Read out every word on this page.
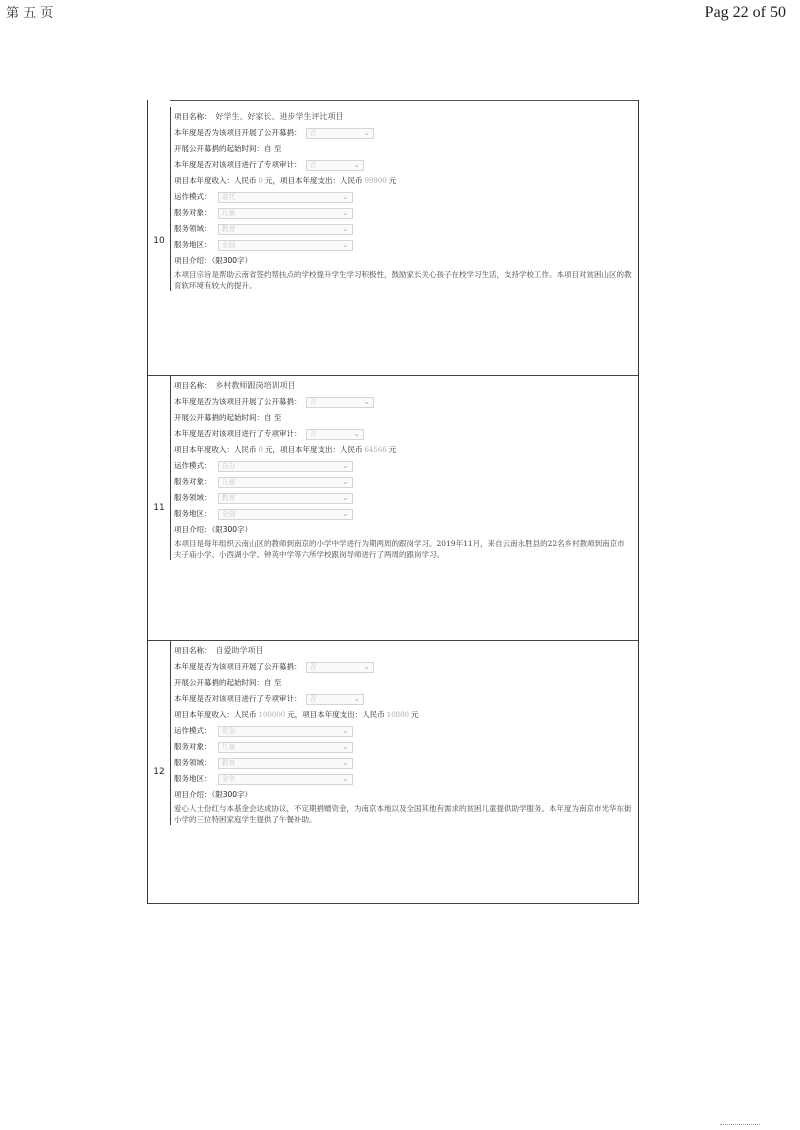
第 五 页	Pag 22 of 50
10
项目名称： 好学生、好家长、进步学生评比项目
本年度是否为该项目开展了公开募捐： 否	⌄
开展公开募捐的起始时间：自 至
本年度是否对该项目进行了专项审计： 否	⌄
项目本年度收入：人民币 0 元 ，项目本年度支出：人民币 99900 元
运作模式： 委托	⌄
服务对象： 儿童	⌄
服务领域： 教育	⌄
服务地区： 全国	⌄
项目介绍：（限300字）
本项目宗旨是帮助云南省签约帮扶点的学校提升学生学习积极性，鼓励家长关心孩子在校学习生活，支持学校工作。本项目对贫困山区的教育软环境有较大的提升。
11
项目名称： 乡村教师跟岗培训项目
本年度是否为该项目开展了公开募捐： 否	⌄
开展公开募捐的起始时间：自 至
本年度是否对该项目进行了专项审计： 否	⌄
项目本年度收入：人民币 0 元 ，项目本年度支出：人民币 64566 元
运作模式： 自办	⌄
服务对象： 儿童	⌄
服务领域： 教育	⌄
服务地区： 全国	⌄
项目介绍：（限300字）
本项目是每年组织云南山区的教师到南京的小学中学进行为期两周的跟岗学习。2019年11月，来自云南永胜县的22名乡村教师到南京市夫子庙小学、小西湖小学、钟英中学等六所学校跟岗导师进行了两周的跟岗学习。
12
项目名称： 自爱助学项目
本年度是否为该项目开展了公开募捐： 否	⌄
开展公开募捐的起始时间：自 至
本年度是否对该项目进行了专项审计： 否	⌄
项目本年度收入：人民币 100000 元 ，项目本年度支出：人民币 10800 元
运作模式： 资金	⌄
服务对象： 儿童	⌄
服务领域： 教育	⌄
服务地区： 全市	⌄
项目介绍：（限300字）
爱心人士份红与本基金会达成协议，不定期捐赠资金，为南京本地以及全国其他有需求的贫困儿童提供助学服务。本年度为南京市光华东街小学的三位特困家庭学生提供了午餐补助。
